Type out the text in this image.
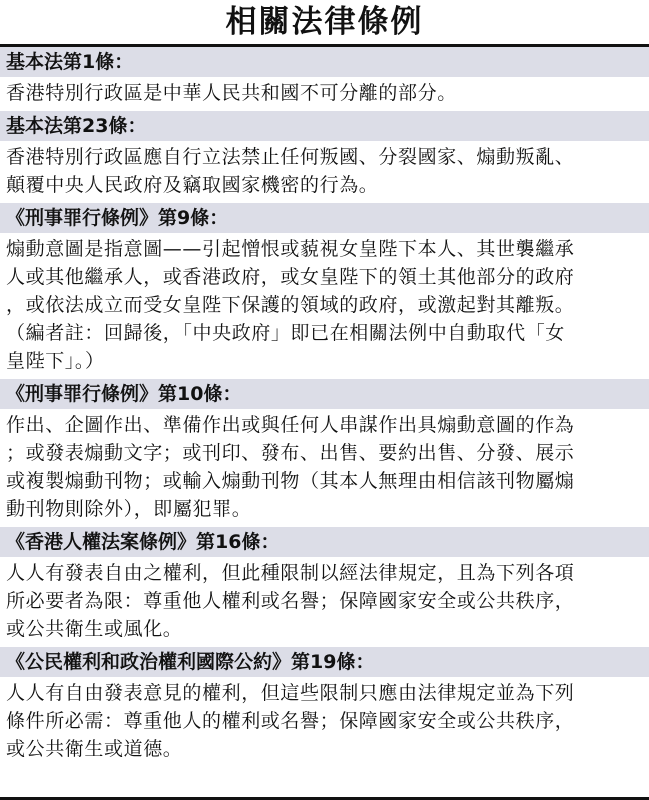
相關法律條例
基本法第1條：
香港特別行政區是中華人民共和國不可分離的部分。
基本法第23條：
香港特別行政區應自行立法禁止任何叛國、分裂國家、煽動叛亂、
顛覆中央人民政府及竊取國家機密的行為。
《刑事罪行條例》第9條：
煽動意圖是指意圖——引起憎恨或藐視女皇陛下本人、其世襲繼承
人或其他繼承人，或香港政府，或女皇陛下的領土其他部分的政府
，或依法成立而受女皇陛下保護的領域的政府，或激起對其離叛。
（編者註：回歸後，「中央政府」即已在相關法例中自動取代「女
皇陛下」。）
《刑事罪行條例》第10條：
作出、企圖作出、準備作出或與任何人串謀作出具煽動意圖的作為
；或發表煽動文字；或刊印、發布、出售、要約出售、分發、展示
或複製煽動刊物；或輸入煽動刊物（其本人無理由相信該刊物屬煽
動刊物則除外），即屬犯罪。
《香港人權法案條例》第16條：
人人有發表自由之權利，但此種限制以經法律規定，且為下列各項
所必要者為限：尊重他人權利或名譽；保障國家安全或公共秩序，
或公共衛生或風化。
《公民權利和政治權利國際公約》第19條：
人人有自由發表意見的權利，但這些限制只應由法律規定並為下列
條件所必需：尊重他人的權利或名譽；保障國家安全或公共秩序，
或公共衛生或道德。
